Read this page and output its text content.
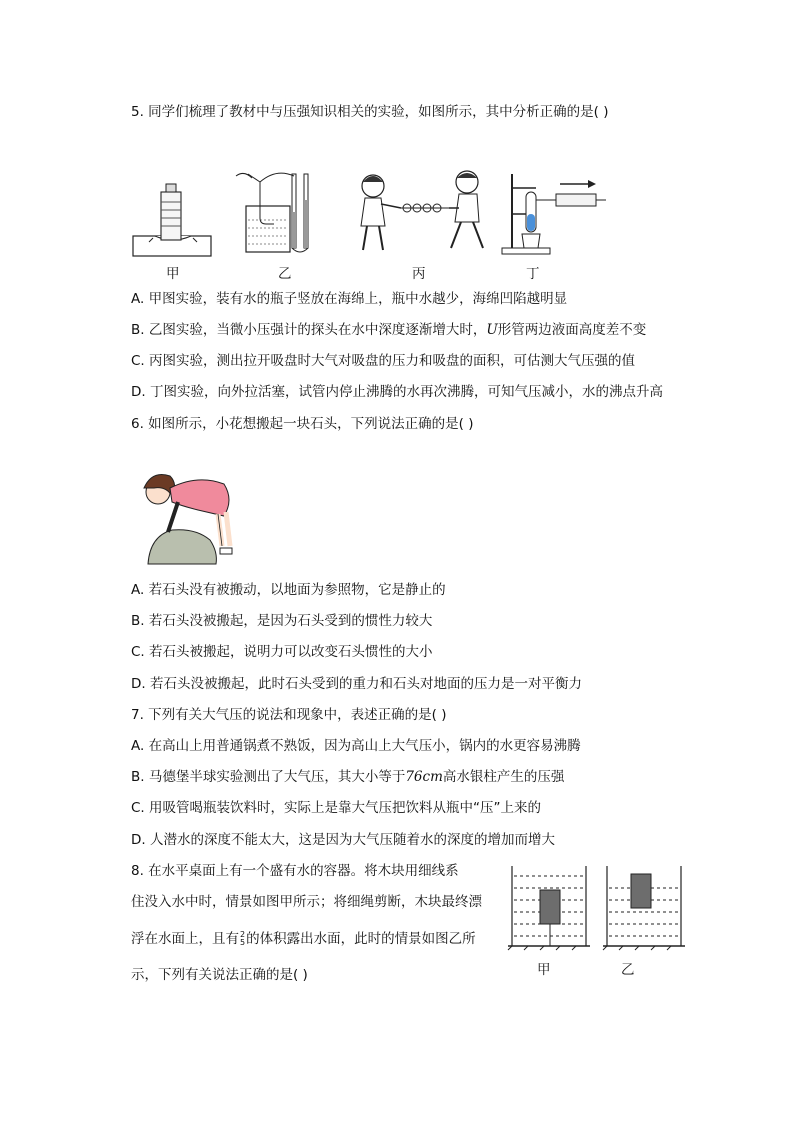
5. 同学们梳理了教材中与压强知识相关的实验，如图所示，其中分析正确的是( )
甲	乙	丙	丁
A. 甲图实验，装有水的瓶子竖放在海绵上，瓶中水越少，海绵凹陷越明显
B. 乙图实验，当微小压强计的探头在水中深度逐渐增大时，U形管两边液面高度差不变
C. 丙图实验，测出拉开吸盘时大气对吸盘的压力和吸盘的面积，可估测大气压强的值
D. 丁图实验，向外拉活塞，试管内停止沸腾的水再次沸腾，可知气压减小，水的沸点升高
6. 如图所示，小花想搬起一块石头，下列说法正确的是( )
A. 若石头没有被搬动，以地面为参照物，它是静止的
B. 若石头没被搬起，是因为石头受到的惯性力较大
C. 若石头被搬起，说明力可以改变石头惯性的大小
D. 若石头没被搬起，此时石头受到的重力和石头对地面的压力是一对平衡力
7. 下列有关大气压的说法和现象中，表述正确的是( )
A. 在高山上用普通锅煮不熟饭，因为高山上大气压小，锅内的水更容易沸腾
B. 马德堡半球实验测出了大气压，其大小等于76cm高水银柱产生的压强
C. 用吸管喝瓶装饮料时，实际上是靠大气压把饮料从瓶中“压”上来的
D. 人潜水的深度不能太大，这是因为大气压随着水的深度的增加而增大
8. 在水平桌面上有一个盛有水的容器。将木块用细线系
住没入水中时，情景如图甲所示；将细绳剪断，木块最终漂
浮在水面上，且有 2
5 的体积露出水面，此时的情景如图乙所
示，下列有关说法正确的是( )	甲	乙
